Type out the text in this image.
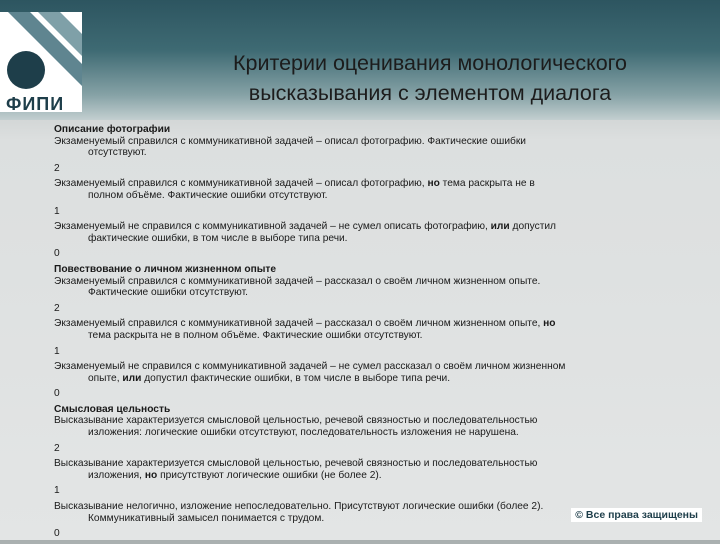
ФИПИ
Критерии оценивания монологического
высказывания с элементом диалога
Описание фотографии
Экзаменуемый справился с коммуникативной задачей – описал фотографию. Фактические ошибки
отсутствуют.
2
Экзаменуемый справился с коммуникативной задачей – описал фотографию, но тема раскрыта не в
полном объёме. Фактические ошибки отсутствуют.
1
Экзаменуемый не справился с коммуникативной задачей – не сумел описать фотографию, или допустил
фактические ошибки, в том числе в выборе типа речи.
0
Повествование о личном жизненном опыте
Экзаменуемый справился с коммуникативной задачей – рассказал о своём личном жизненном опыте.
Фактические ошибки отсутствуют.
2
Экзаменуемый справился с коммуникативной задачей – рассказал о своём личном жизненном опыте, но
тема раскрыта не в полном объёме. Фактические ошибки отсутствуют.
1
Экзаменуемый не справился с коммуникативной задачей – не сумел рассказал о своём личном жизненном
опыте, или допустил фактические ошибки, в том числе в выборе типа речи.
0
Смысловая цельность
Высказывание характеризуется смысловой цельностью, речевой связностью и последовательностью
изложения: логические ошибки отсутствуют, последовательность изложения не нарушена.
2
Высказывание характеризуется смысловой цельностью, речевой связностью и последовательностью
изложения, но присутствуют логические ошибки (не более 2).
1
Высказывание нелогично, изложение непоследовательно. Присутствуют логические ошибки (более 2).
Коммуникативный замысел понимается с трудом.
0
© Все права защищены
